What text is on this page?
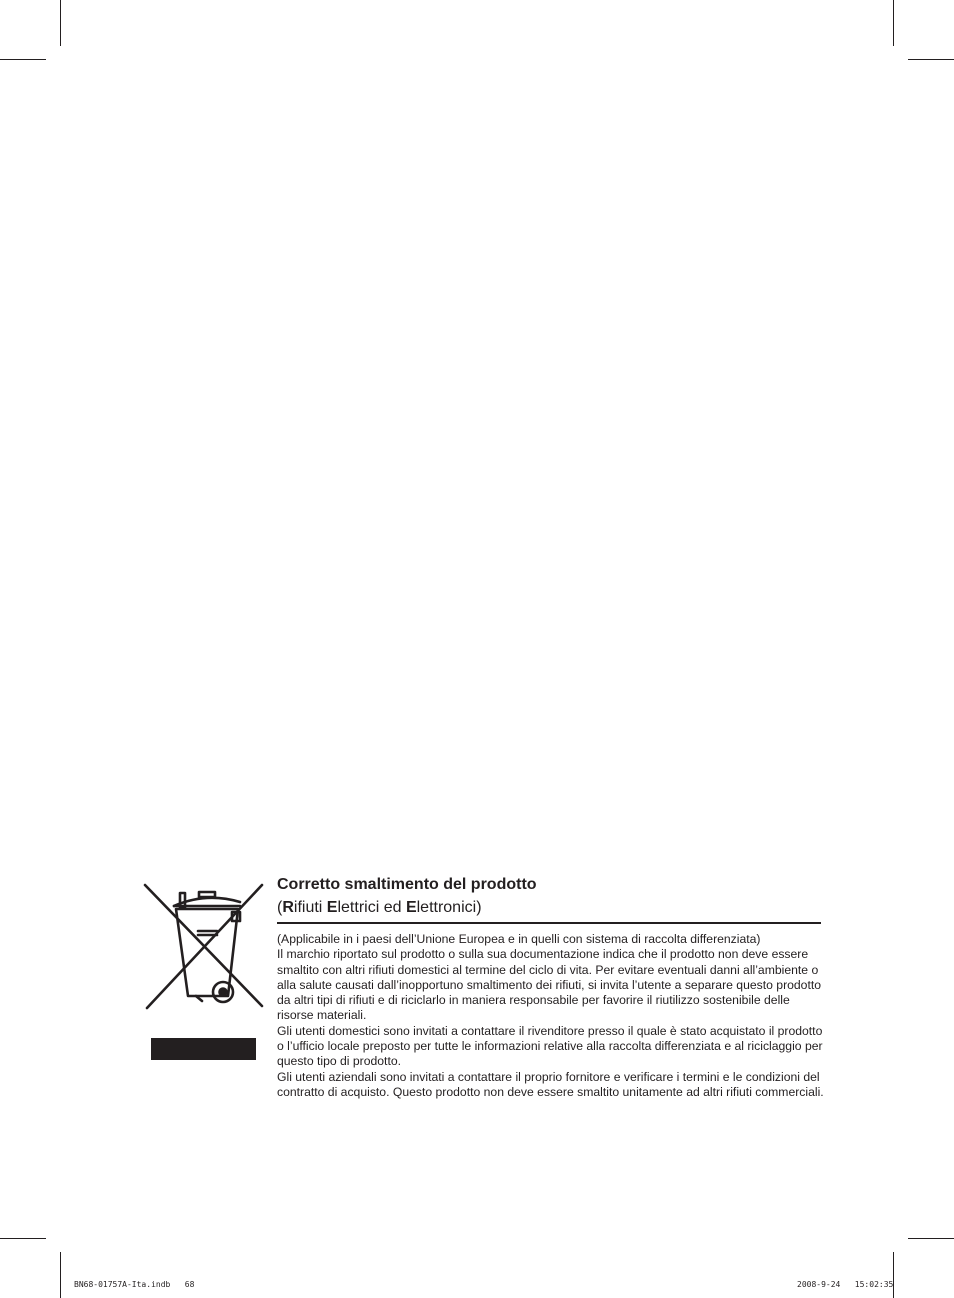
Corretto smaltimento del prodotto

(Rifiuti Elettrici ed Elettronici)

(Applicabile in i paesi dell’Unione Europea e in quelli con sistema di raccolta differenziata)

Il marchio riportato sul prodotto o sulla sua documentazione indica che il prodotto non deve essere smaltito con altri rifiuti domestici al termine del ciclo di vita. Per evitare eventuali danni all’ambiente o alla salute causati dall’inopportuno smaltimento dei rifiuti, si invita l’utente a separare questo prodotto da altri tipi di rifiuti e di riciclarlo in maniera responsabile per favorire il riutilizzo sostenibile delle risorse materiali.

Gli utenti domestici sono invitati a contattare il rivenditore presso il quale è stato acquistato il prodotto o l’ufficio locale preposto per tutte le informazioni relative alla raccolta differenziata e al riciclaggio per questo tipo di prodotto.

Gli utenti aziendali sono invitati a contattare il proprio fornitore e verificare i termini e le condizioni del contratto di acquisto. Questo prodotto non deve essere smaltito unitamente ad altri rifiuti commerciali.

BN68-01757A-Ita.indb   68	2008-9-24   15:02:35
